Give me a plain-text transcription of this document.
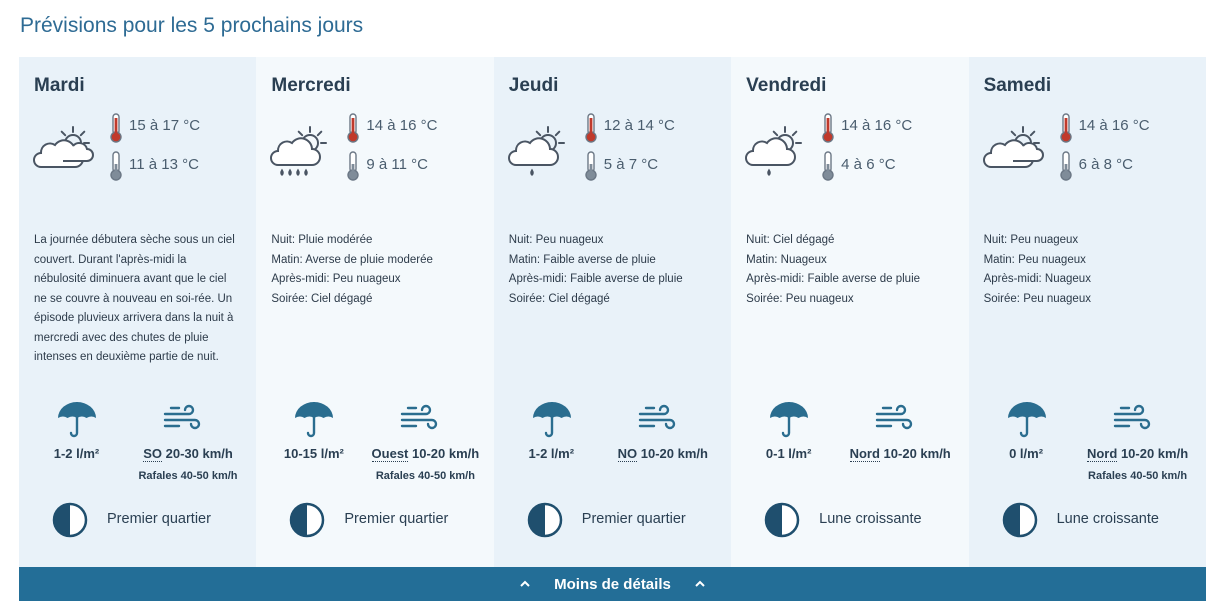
Prévisions pour les 5 prochains jours
Mardi
15 à 17 °C
11 à 13 °C
La journée débutera sèche sous un ciel couvert. Durant l'après-midi la nébulosité diminuera avant que le ciel ne se couvre à nouveau en soi-rée. Un épisode pluvieux arrivera dans la nuit à mercredi avec des chutes de pluie intenses en deuxième partie de nuit.
1-2 l/m²	SO 20-30 km/h
Rafales 40-50 km/h
Premier quartier
Mercredi
14 à 16 °C
9 à 11 °C
Nuit: Pluie modérée
Matin: Averse de pluie moderée
Après-midi: Peu nuageux
Soirée: Ciel dégagé
10-15 l/m²	Ouest 10-20 km/h
Rafales 40-50 km/h
Premier quartier
Jeudi
12 à 14 °C
5 à 7 °C
Nuit: Peu nuageux
Matin: Faible averse de pluie
Après-midi: Faible averse de pluie
Soirée: Ciel dégagé
1-2 l/m²	NO 10-20 km/h
Premier quartier
Vendredi
14 à 16 °C
4 à 6 °C
Nuit: Ciel dégagé
Matin: Nuageux
Après-midi: Faible averse de pluie
Soirée: Peu nuageux
0-1 l/m²	Nord 10-20 km/h
Lune croissante
Samedi
14 à 16 °C
6 à 8 °C
Nuit: Peu nuageux
Matin: Peu nuageux
Après-midi: Nuageux
Soirée: Peu nuageux
0 l/m²	Nord 10-20 km/h
Rafales 40-50 km/h
Lune croissante
Moins de détails
